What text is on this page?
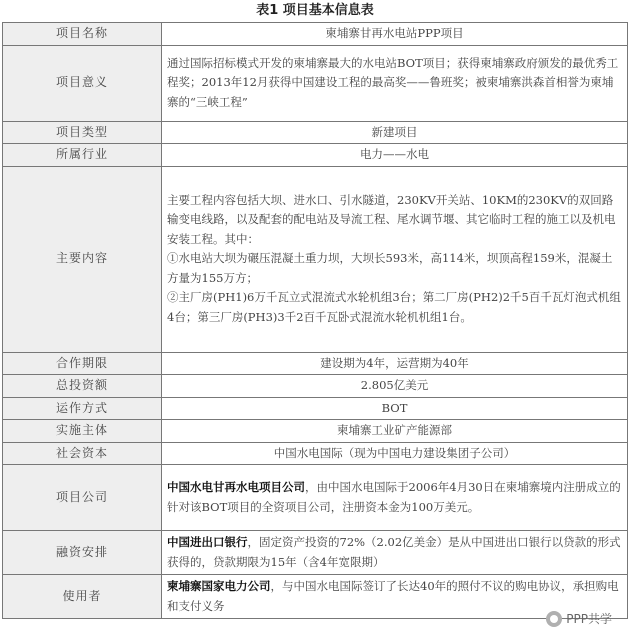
表1 项目基本信息表
项目名称	柬埔寨甘再水电站PPP项目
项目意义	通过国际招标模式开发的柬埔寨最大的水电站BOT项目；获得柬埔寨政府颁发的最优秀工程奖；2013年12月获得中国建设工程的最高奖——鲁班奖；被柬埔寨洪森首相誉为柬埔寨的“三峡工程”
项目类型	新建项目
所属行业	电力——水电
主要内容	主要工程内容包括大坝、进水口、引水隧道，230KV开关站、10KM的230KV的双回路输变电线路，以及配套的配电站及导流工程、尾水调节堰、其它临时工程的施工以及机电安装工程。其中：
①水电站大坝为碾压混凝土重力坝，大坝长593米，高114米，坝顶高程159米，混凝土方量为155万方；
②主厂房(PH1)6万千瓦立式混流式水轮机组3台；第二厂房(PH2)2千5百千瓦灯泡式机组4台；第三厂房(PH3)3千2百千瓦卧式混流水轮机机组1台。

合作期限	建设期为4年，运营期为40年
总投资额	2.805亿美元
运作方式	BOT
实施主体	柬埔寨工业矿产能源部
社会资本	中国水电国际（现为中国电力建设集团子公司）
项目公司	中国水电甘再水电项目公司，由中国水电国际于2006年4月30日在柬埔寨境内注册成立的针对该BOT项目的全资项目公司，注册资本金为100万美元。
融资安排	中国进出口银行，固定资产投资的72%（2.02亿美金）是从中国进出口银行以贷款的形式获得的，贷款期限为15年（含4年宽限期）
使用者	柬埔寨国家电力公司，与中国水电国际签订了长达40年的照付不议的购电协议，承担购电和支付义务
PPP共学
